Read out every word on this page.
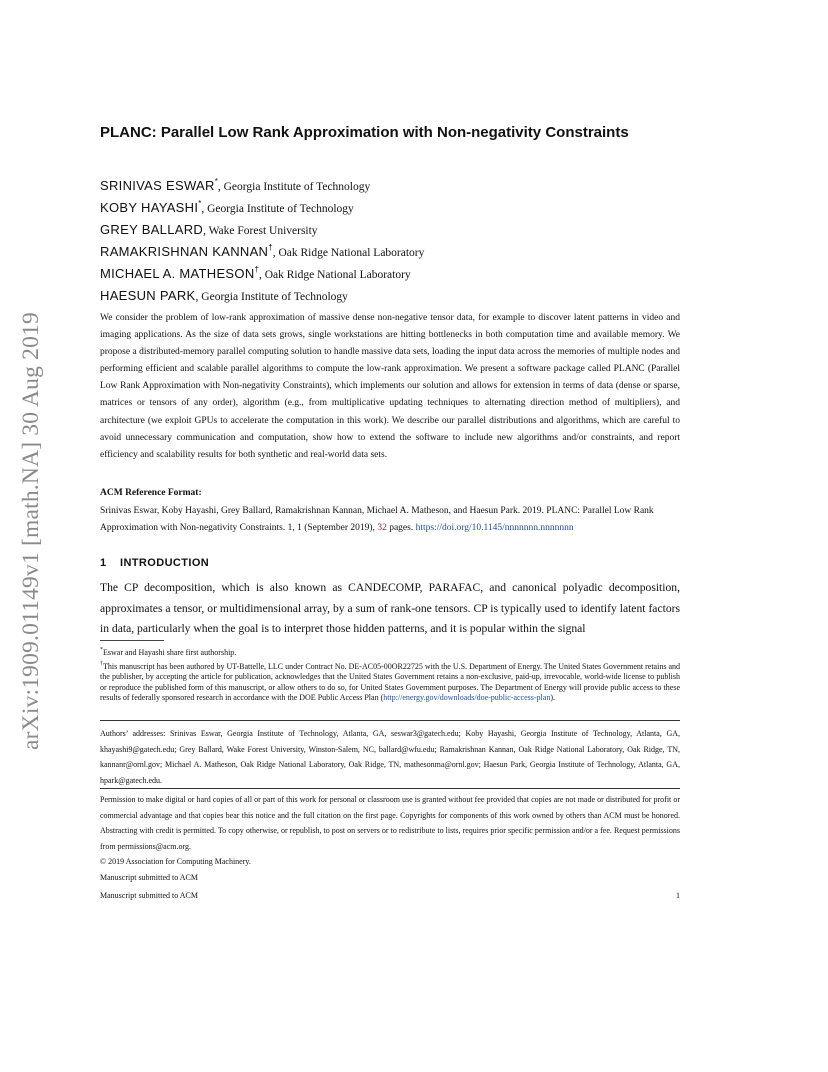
arXiv:1909.01149v1 [math.NA] 30 Aug 2019
PLANC: Parallel Low Rank Approximation with Non-negativity Constraints
SRINIVAS ESWAR*, Georgia Institute of Technology
KOBY HAYASHI*, Georgia Institute of Technology
GREY BALLARD, Wake Forest University
RAMAKRISHNAN KANNAN†, Oak Ridge National Laboratory
MICHAEL A. MATHESON†, Oak Ridge National Laboratory
HAESUN PARK, Georgia Institute of Technology
We consider the problem of low-rank approximation of massive dense non-negative tensor data, for example to discover latent patterns in video and imaging applications. As the size of data sets grows, single workstations are hitting bottlenecks in both computation time and available memory. We propose a distributed-memory parallel computing solution to handle massive data sets, loading the input data across the memories of multiple nodes and performing efficient and scalable parallel algorithms to compute the low-rank approximation. We present a software package called PLANC (Parallel Low Rank Approximation with Non-negativity Constraints), which implements our solution and allows for extension in terms of data (dense or sparse, matrices or tensors of any order), algorithm (e.g., from multiplicative updating techniques to alternating direction method of multipliers), and architecture (we exploit GPUs to accelerate the computation in this work). We describe our parallel distributions and algorithms, which are careful to avoid unnecessary communication and computation, show how to extend the software to include new algorithms and/or constraints, and report efficiency and scalability results for both synthetic and real-world data sets.
ACM Reference Format:
Srinivas Eswar, Koby Hayashi, Grey Ballard, Ramakrishnan Kannan, Michael A. Matheson, and Haesun Park. 2019. PLANC: Parallel Low Rank Approximation with Non-negativity Constraints. 1, 1 (September 2019), 32 pages. https://doi.org/10.1145/nnnnnnn.nnnnnnn
1 INTRODUCTION
The CP decomposition, which is also known as CANDECOMP, PARAFAC, and canonical polyadic decomposition, approximates a tensor, or multidimensional array, by a sum of rank-one tensors. CP is typically used to identify latent factors in data, particularly when the goal is to interpret those hidden patterns, and it is popular within the signal

*Eswar and Hayashi share first authorship.

†This manuscript has been authored by UT-Battelle, LLC under Contract No. DE-AC05-00OR22725 with the U.S. Department of Energy. The United States Government retains and the publisher, by accepting the article for publication, acknowledges that the United States Government retains a non-exclusive, paid-up, irrevocable, world-wide license to publish or reproduce the published form of this manuscript, or allow others to do so, for United States Government purposes. The Department of Energy will provide public access to these results of federally sponsored research in accordance with the DOE Public Access Plan (http://energy.gov/downloads/doe-public-access-plan).

Authors’ addresses: Srinivas Eswar, Georgia Institute of Technology, Atlanta, GA, seswar3@gatech.edu; Koby Hayashi, Georgia Institute of Technology, Atlanta, GA, khayashi9@gatech.edu; Grey Ballard, Wake Forest University, Winston-Salem, NC, ballard@wfu.edu; Ramakrishnan Kannan, Oak Ridge National Laboratory, Oak Ridge, TN, kannanr@ornl.gov; Michael A. Matheson, Oak Ridge National Laboratory, Oak Ridge, TN, mathesonma@ornl.gov; Haesun Park, Georgia Institute of Technology, Atlanta, GA, hpark@gatech.edu.

Permission to make digital or hard copies of all or part of this work for personal or classroom use is granted without fee provided that copies are not made or distributed for profit or commercial advantage and that copies bear this notice and the full citation on the first page. Copyrights for components of this work owned by others than ACM must be honored. Abstracting with credit is permitted. To copy otherwise, or republish, to post on servers or to redistribute to lists, requires prior specific permission and/or a fee. Request permissions from permissions@acm.org.

© 2019 Association for Computing Machinery.

Manuscript submitted to ACM

Manuscript submitted to ACM	1
